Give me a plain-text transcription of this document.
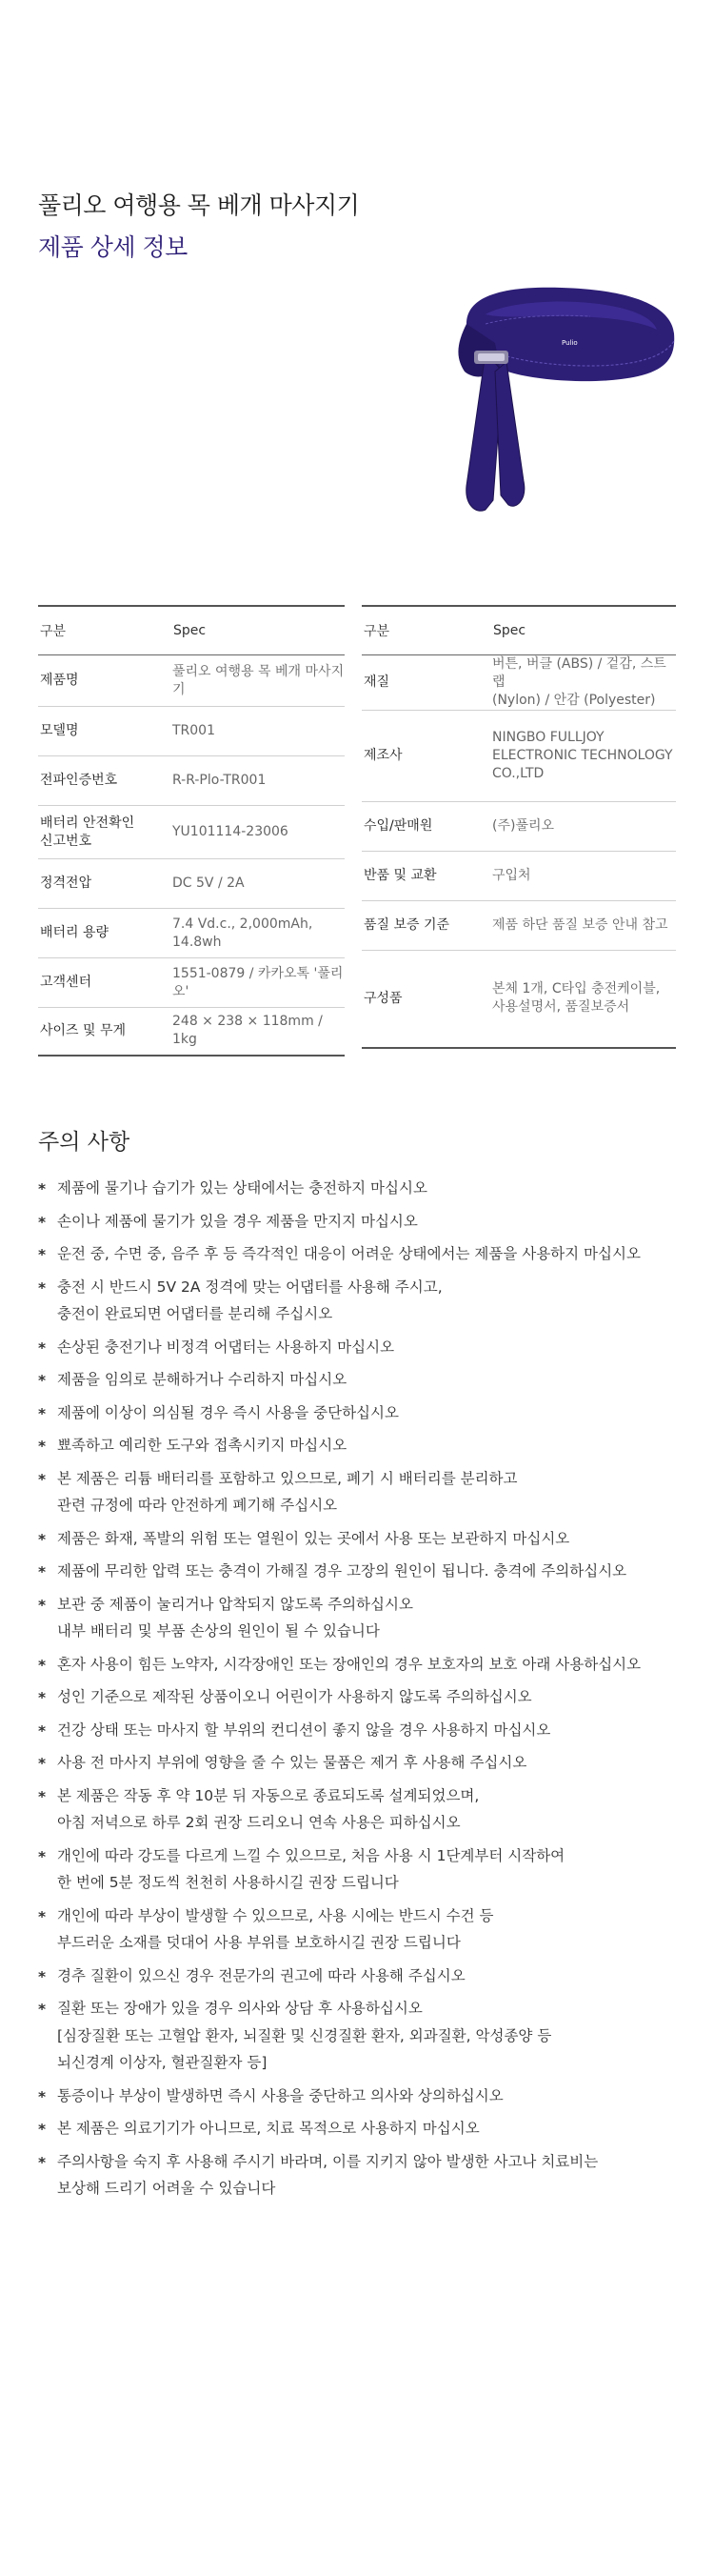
풀리오 여행용 목 베개 마사지기
제품 상세 정보
Pulio
구분	Spec
제품명	풀리오 여행용 목 베개 마사지기
모델명	TR001
전파인증번호	R-R-Plo-TR001
배터리 안전확인
신고번호	YU101114-23006
정격전압	DC 5V / 2A
배터리 용량	7.4 Vd.c., 2,000mAh, 14.8wh
고객센터	1551-0879 / 카카오톡 '풀리오'
사이즈 및 무게	248 × 238 × 118mm / 1kg
구분	Spec
재질	버튼, 버클 (ABS) / 겉감, 스트랩
(Nylon) / 안감 (Polyester)
제조사	NINGBO FULLJOY
ELECTRONIC TECHNOLOGY
CO.,LTD
수입/판매원	(주)풀리오
반품 및 교환	구입처
품질 보증 기준	제품 하단 품질 보증 안내 참고
구성품	본체 1개, C타입 충전케이블,
사용설명서, 품질보증서
주의 사항
* 제품에 물기나 습기가 있는 상태에서는 충전하지 마십시오
* 손이나 제품에 물기가 있을 경우 제품을 만지지 마십시오
* 운전 중, 수면 중, 음주 후 등 즉각적인 대응이 어려운 상태에서는 제품을 사용하지 마십시오
* 충전 시 반드시 5V 2A 정격에 맞는 어댑터를 사용해 주시고,
충전이 완료되면 어댑터를 분리해 주십시오
* 손상된 충전기나 비정격 어댑터는 사용하지 마십시오
* 제품을 임의로 분해하거나 수리하지 마십시오
* 제품에 이상이 의심될 경우 즉시 사용을 중단하십시오
* 뾰족하고 예리한 도구와 접촉시키지 마십시오
* 본 제품은 리튬 배터리를 포함하고 있으므로, 폐기 시 배터리를 분리하고
관련 규정에 따라 안전하게 폐기해 주십시오
* 제품은 화재, 폭발의 위험 또는 열원이 있는 곳에서 사용 또는 보관하지 마십시오
* 제품에 무리한 압력 또는 충격이 가해질 경우 고장의 원인이 됩니다. 충격에 주의하십시오
* 보관 중 제품이 눌리거나 압착되지 않도록 주의하십시오
내부 배터리 및 부품 손상의 원인이 될 수 있습니다
* 혼자 사용이 힘든 노약자, 시각장애인 또는 장애인의 경우 보호자의 보호 아래 사용하십시오
* 성인 기준으로 제작된 상품이오니 어린이가 사용하지 않도록 주의하십시오
* 건강 상태 또는 마사지 할 부위의 컨디션이 좋지 않을 경우 사용하지 마십시오
* 사용 전 마사지 부위에 영향을 줄 수 있는 물품은 제거 후 사용해 주십시오
* 본 제품은 작동 후 약 10분 뒤 자동으로 종료되도록 설계되었으며,
아침 저녁으로 하루 2회 권장 드리오니 연속 사용은 피하십시오
* 개인에 따라 강도를 다르게 느낄 수 있으므로, 처음 사용 시 1단계부터 시작하여
한 번에 5분 정도씩 천천히 사용하시길 권장 드립니다
* 개인에 따라 부상이 발생할 수 있으므로, 사용 시에는 반드시 수건 등
부드러운 소재를 덧대어 사용 부위를 보호하시길 권장 드립니다
* 경추 질환이 있으신 경우 전문가의 권고에 따라 사용해 주십시오
* 질환 또는 장애가 있을 경우 의사와 상담 후 사용하십시오
[심장질환 또는 고혈압 환자, 뇌질환 및 신경질환 환자, 외과질환, 악성종양 등
뇌신경계 이상자, 혈관질환자 등]
* 통증이나 부상이 발생하면 즉시 사용을 중단하고 의사와 상의하십시오
* 본 제품은 의료기기가 아니므로, 치료 목적으로 사용하지 마십시오
* 주의사항을 숙지 후 사용해 주시기 바라며, 이를 지키지 않아 발생한 사고나 치료비는
보상해 드리기 어려울 수 있습니다
